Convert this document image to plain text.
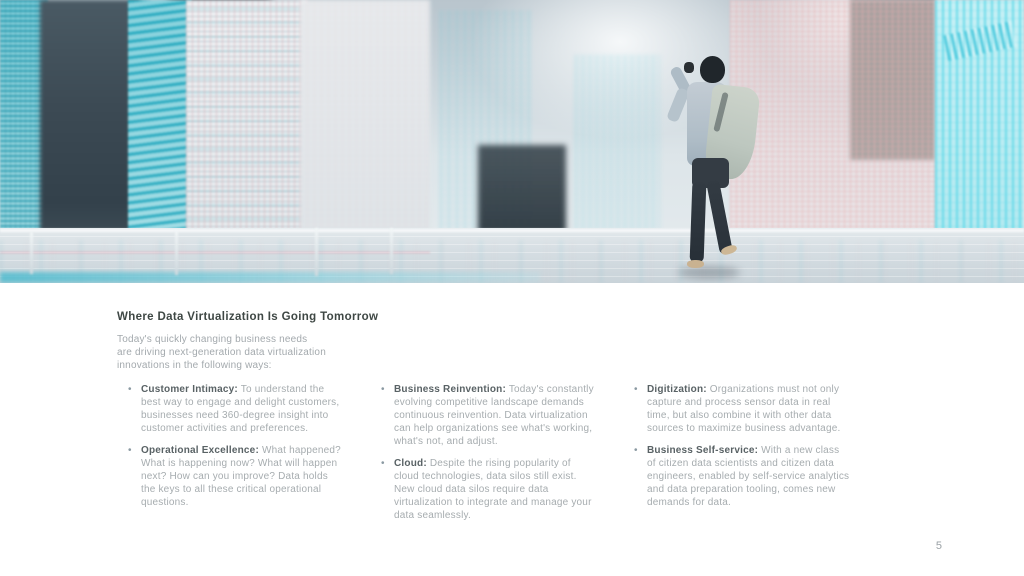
Where Data Virtualization Is Going Tomorrow
Today's quickly changing business needs
are driving next-generation data virtualization
innovations in the following ways:
• Customer Intimacy: To understand the best way to engage and delight customers, businesses need 360-degree insight into customer activities and preferences.
• Operational Excellence: What happened? What is happening now? What will happen next? How can you improve? Data holds the keys to all these critical operational questions.
• Business Reinvention: Today's constantly evolving competitive landscape demands continuous reinvention. Data virtualization can help organizations see what's working, what's not, and adjust.
• Cloud: Despite the rising popularity of cloud technologies, data silos still exist. New cloud data silos require data virtualization to integrate and manage your data seamlessly.
• Digitization: Organizations must not only capture and process sensor data in real time, but also combine it with other data sources to maximize business advantage.
• Business Self-service: With a new class of citizen data scientists and citizen data engineers, enabled by self-service analytics and data preparation tooling, comes new demands for data.
5
